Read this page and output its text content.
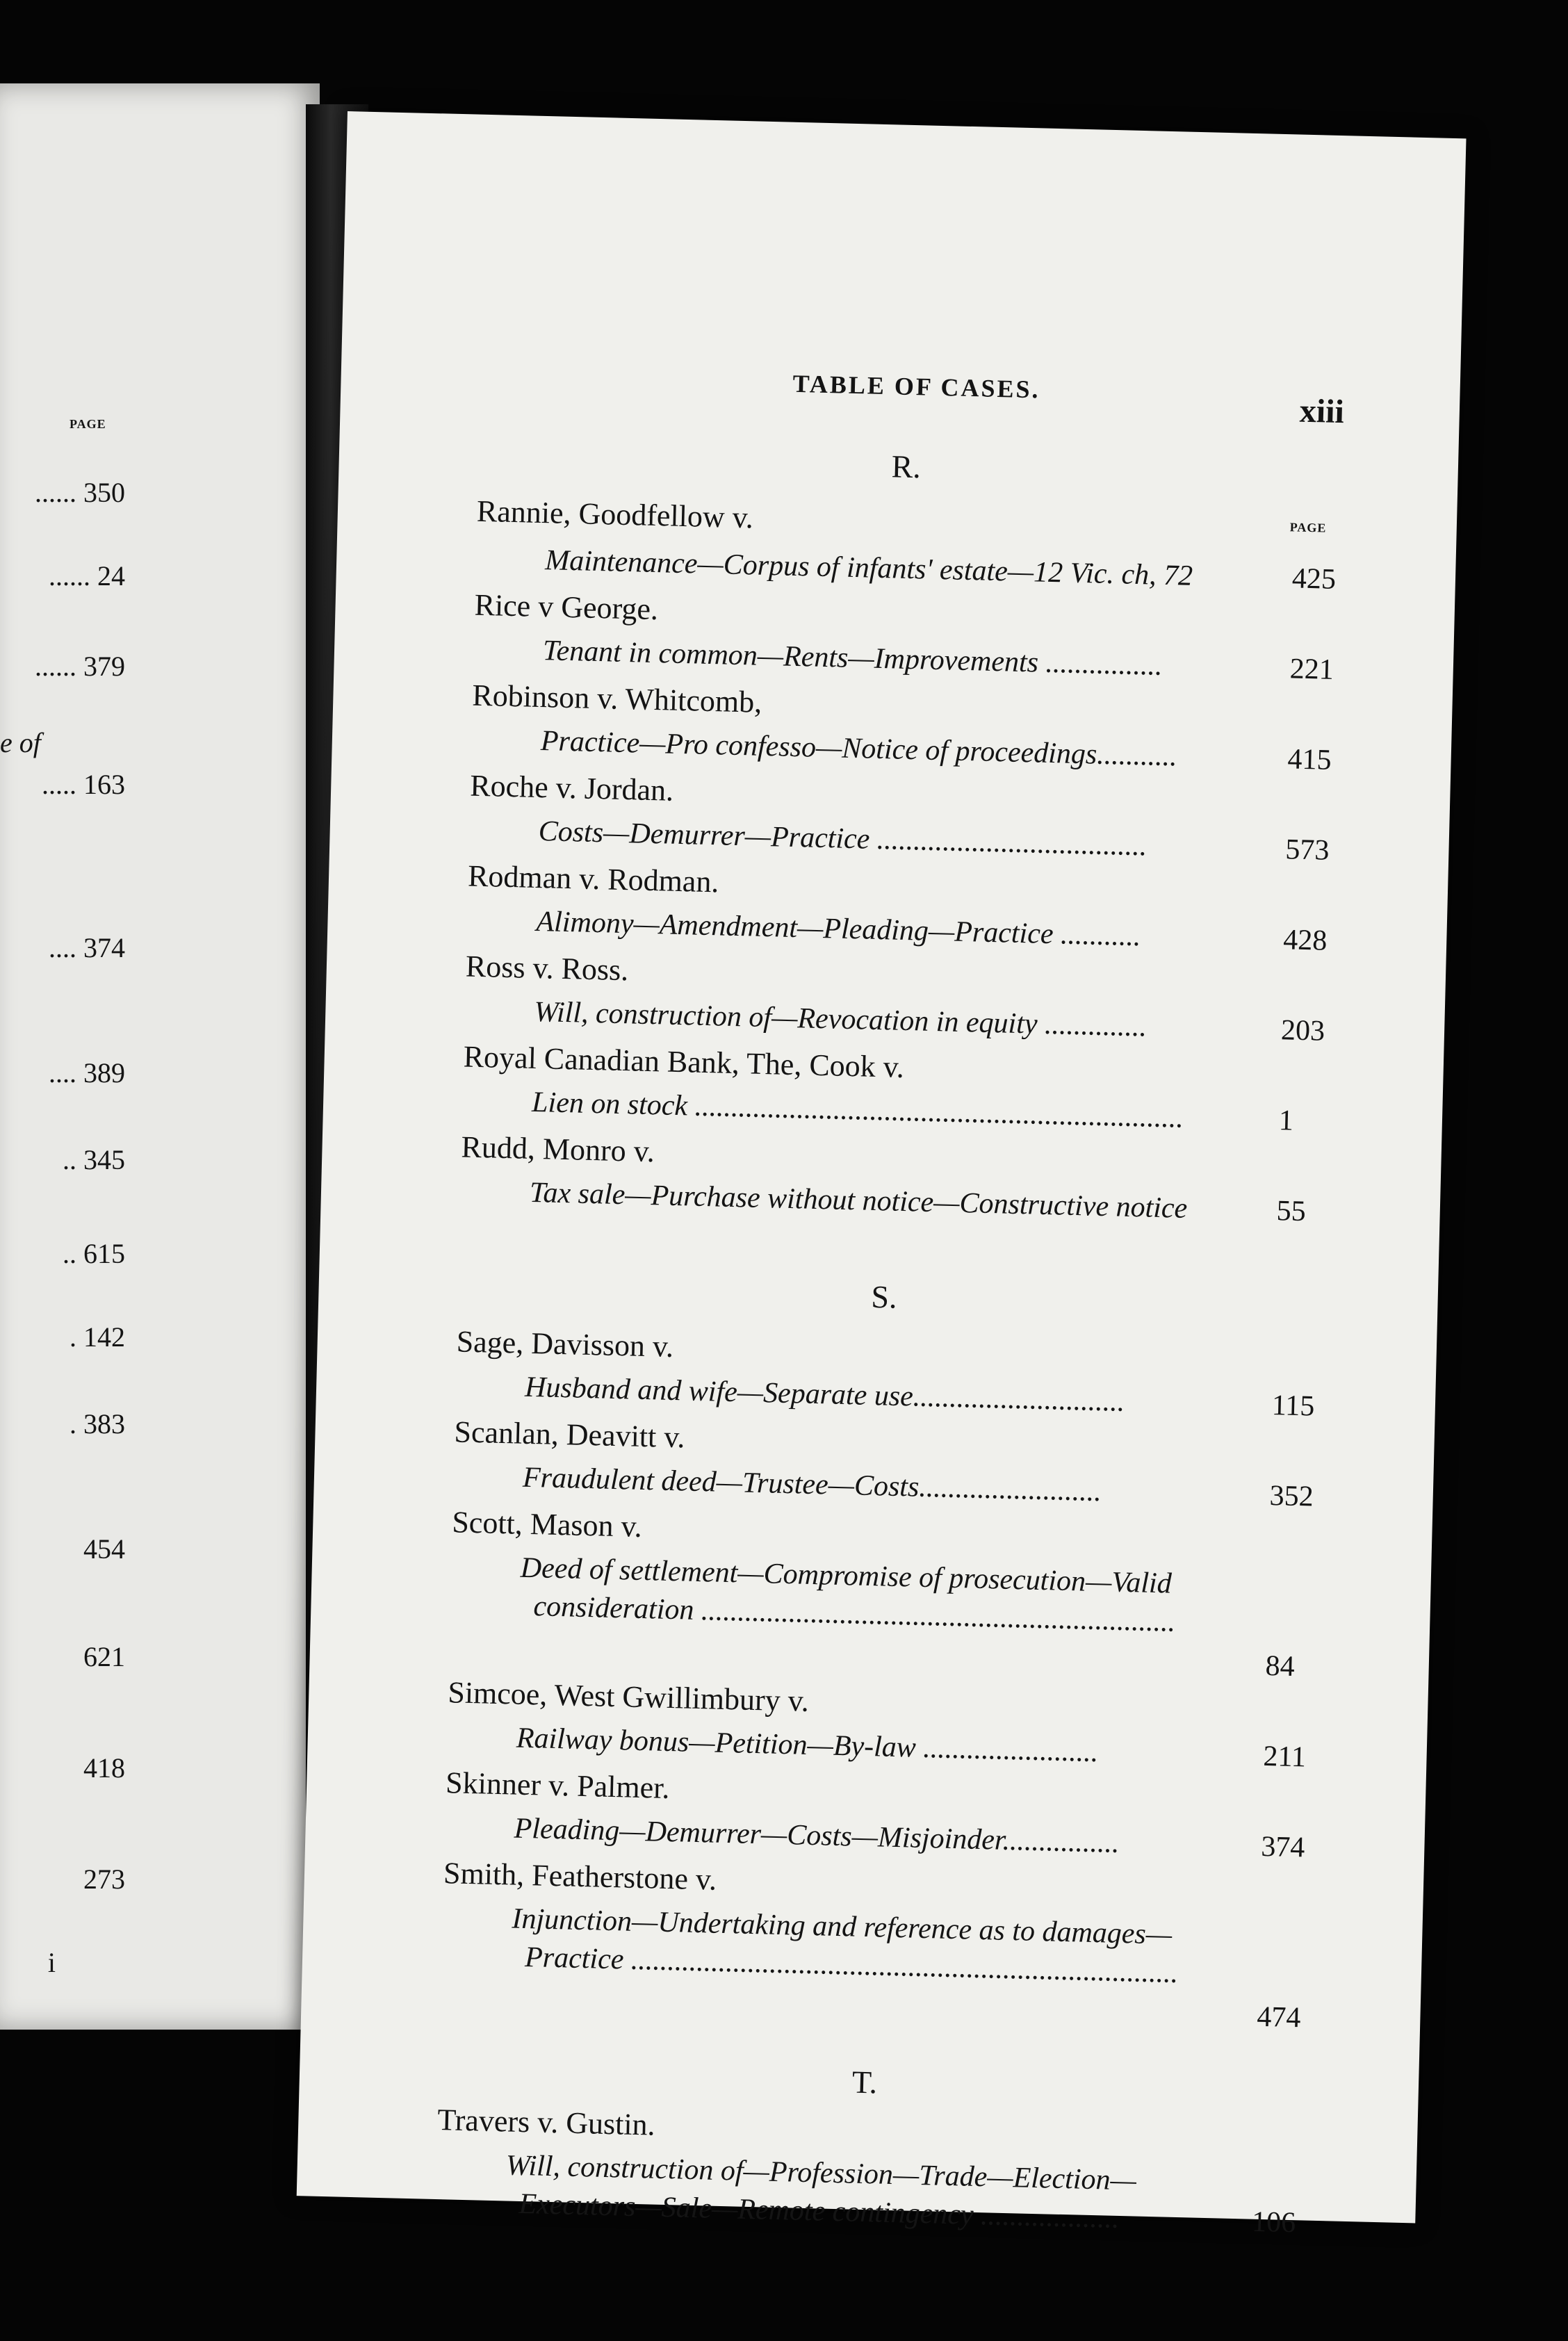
PAGE
...... 350
...... 24
...... 379
e of
..... 163
.... 374
.... 389
.. 345
.. 615
. 142
. 383
454
621
418
273
i
TABLE OF CASES.
xiii
PAGE
R.
Rannie, Goodfellow v.
Maintenance—Corpus of infants' estate—12 Vic. ch, 72	425
Rice v George.
Tenant in common—Rents—Improvements ................	221
Robinson v. Whitcomb,
Practice—Pro confesso—Notice of proceedings...........	415
Roche v. Jordan.
Costs—Demurrer—Practice .....................................	573
Rodman v. Rodman.
Alimony—Amendment—Pleading—Practice ...........	428
Ross v. Ross.
Will, construction of—Revocation in equity ..............	203
Royal Canadian Bank, The, Cook v.
Lien on stock ...................................................................	1
Rudd, Monro v.
Tax sale—Purchase without notice—Constructive notice	55
S.
Sage, Davisson v.
Husband and wife—Separate use.............................	115
Scanlan, Deavitt v.
Fraudulent deed—Trustee—Costs.........................	352
Scott, Mason v.
Deed of settlement—Compromise of prosecution—Valid
consideration .................................................................
84
Simcoe, West Gwillimbury v.
Railway bonus—Petition—By-law ........................	211
Skinner v. Palmer.
Pleading—Demurrer—Costs—Misjoinder................	374
Smith, Featherstone v.
Injunction—Undertaking and reference as to damages—
Practice ...........................................................................
474
T.
Travers v. Gustin.
Will, construction of—Profession—Trade—Election—
Executors—Sale—Remote contingency ...................	106
